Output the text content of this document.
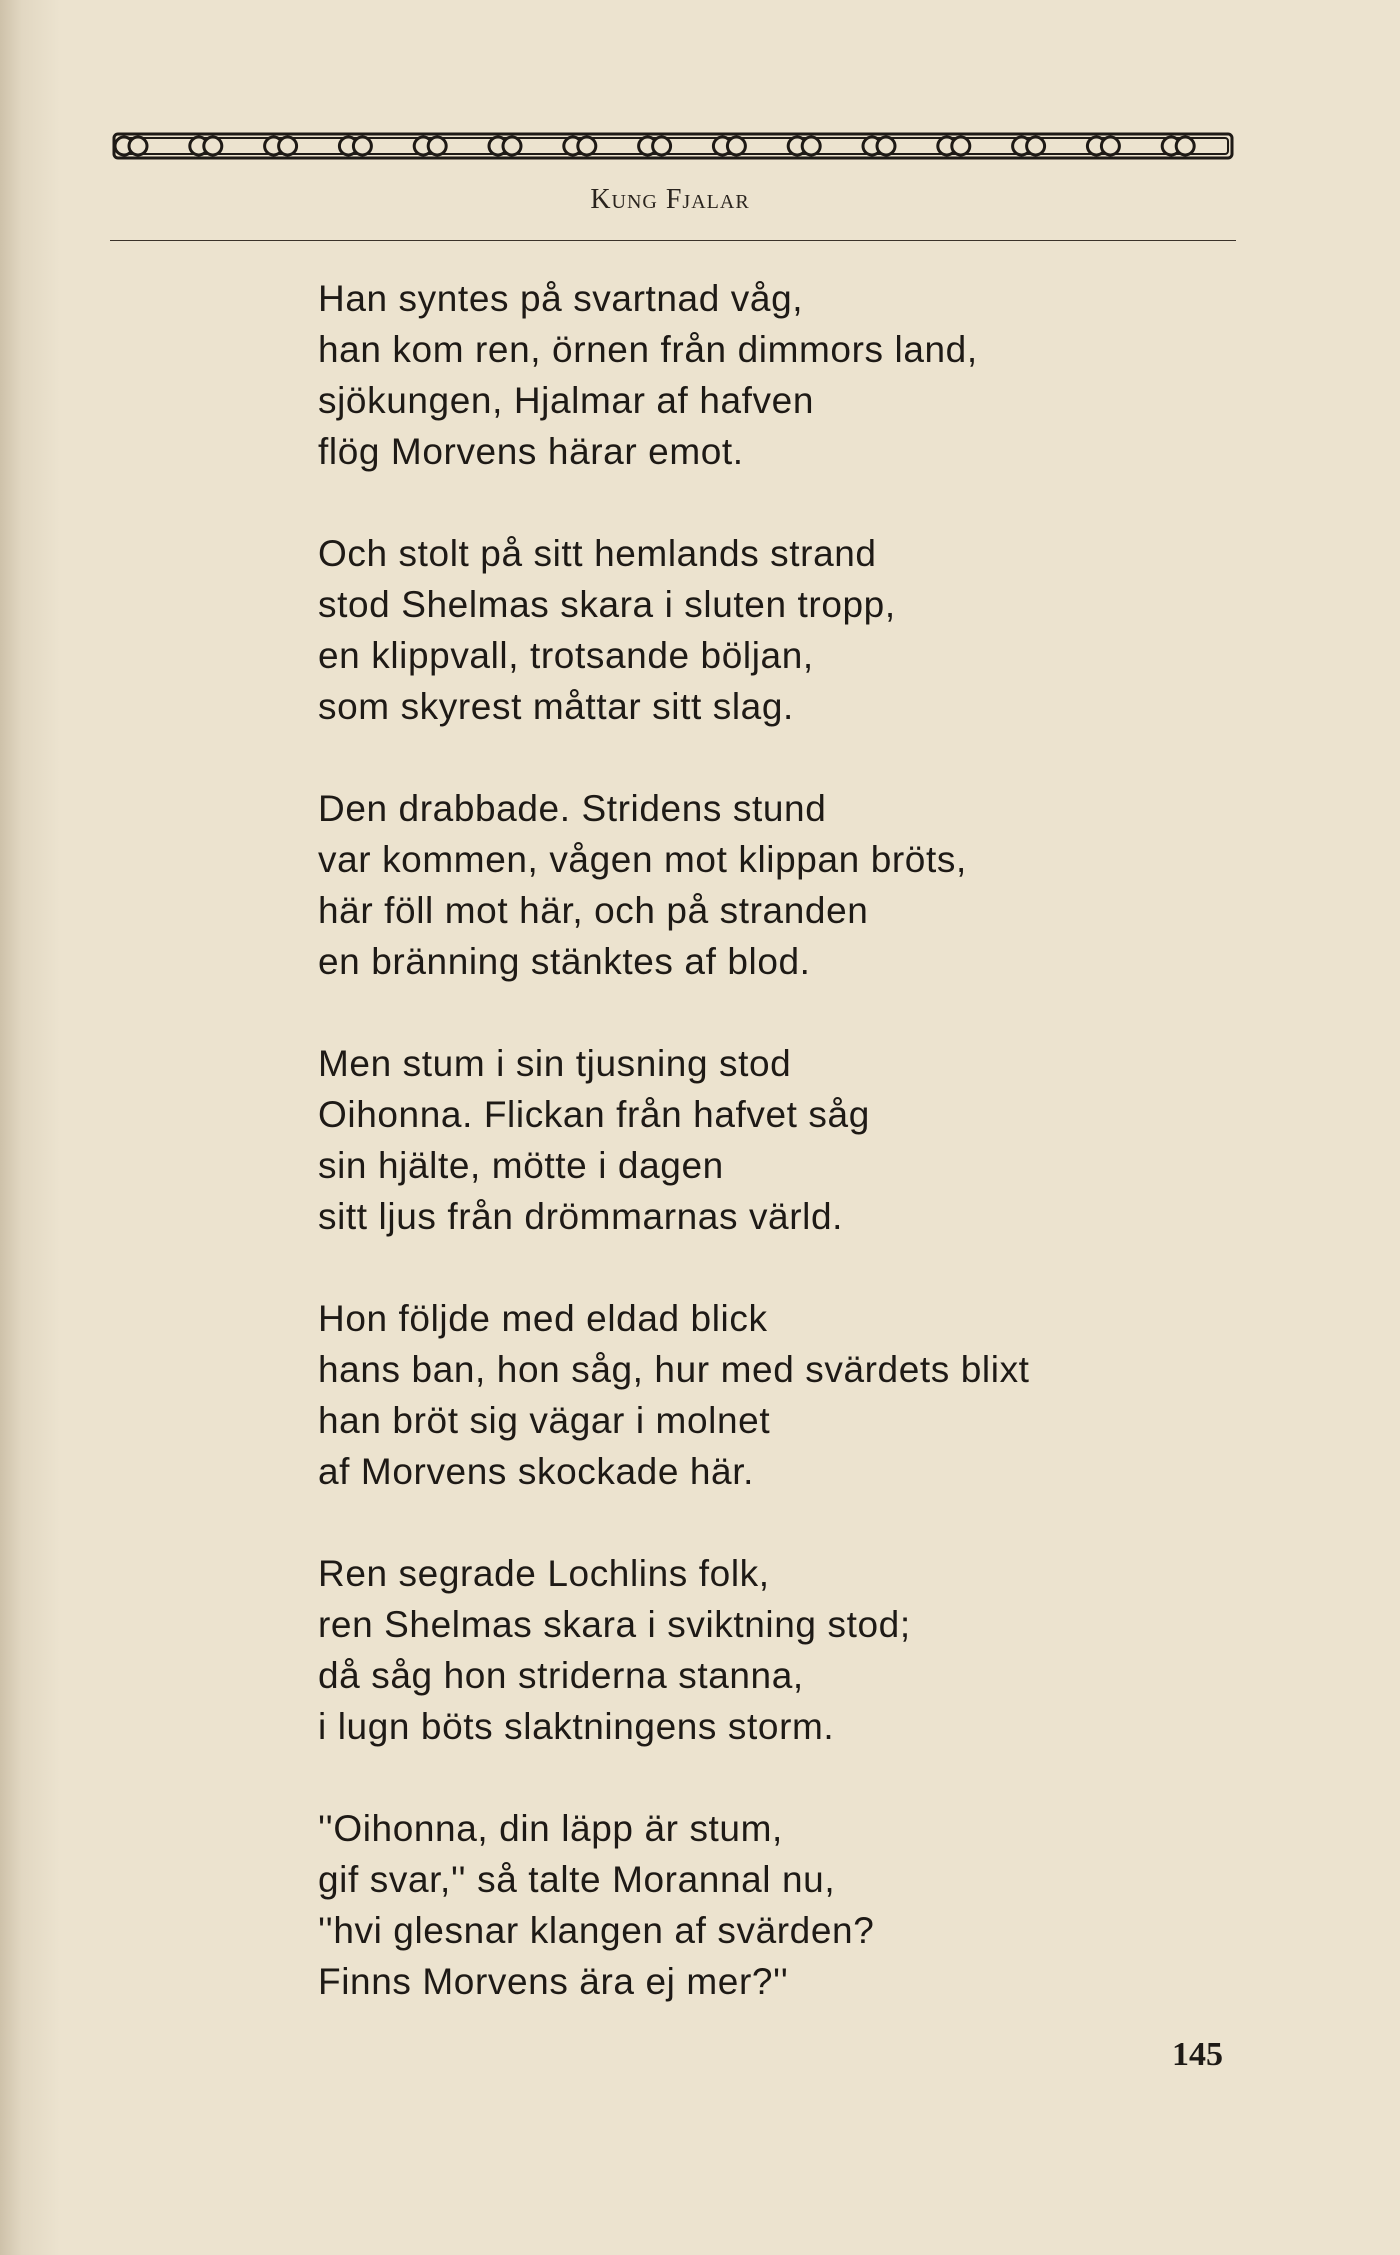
Kung Fjalar
Han syntes på svartnad våg,
han kom ren, örnen från dimmors land,
sjökungen, Hjalmar af hafven
flög Morvens härar emot.
Och stolt på sitt hemlands strand
stod Shelmas skara i sluten tropp,
en klippvall, trotsande böljan,
som skyrest måttar sitt slag.
Den drabbade. Stridens stund
var kommen, vågen mot klippan bröts,
här föll mot här, och på stranden
en bränning stänktes af blod.
Men stum i sin tjusning stod
Oihonna. Flickan från hafvet såg
sin hjälte, mötte i dagen
sitt ljus från drömmarnas värld.
Hon följde med eldad blick
hans ban, hon såg, hur med svärdets blixt
han bröt sig vägar i molnet
af Morvens skockade här.
Ren segrade Lochlins folk,
ren Shelmas skara i sviktning stod;
då såg hon striderna stanna,
i lugn böts slaktningens storm.
''Oihonna, din läpp är stum,
gif svar,'' så talte Morannal nu,
''hvi glesnar klangen af svärden?
Finns Morvens ära ej mer?''
145
